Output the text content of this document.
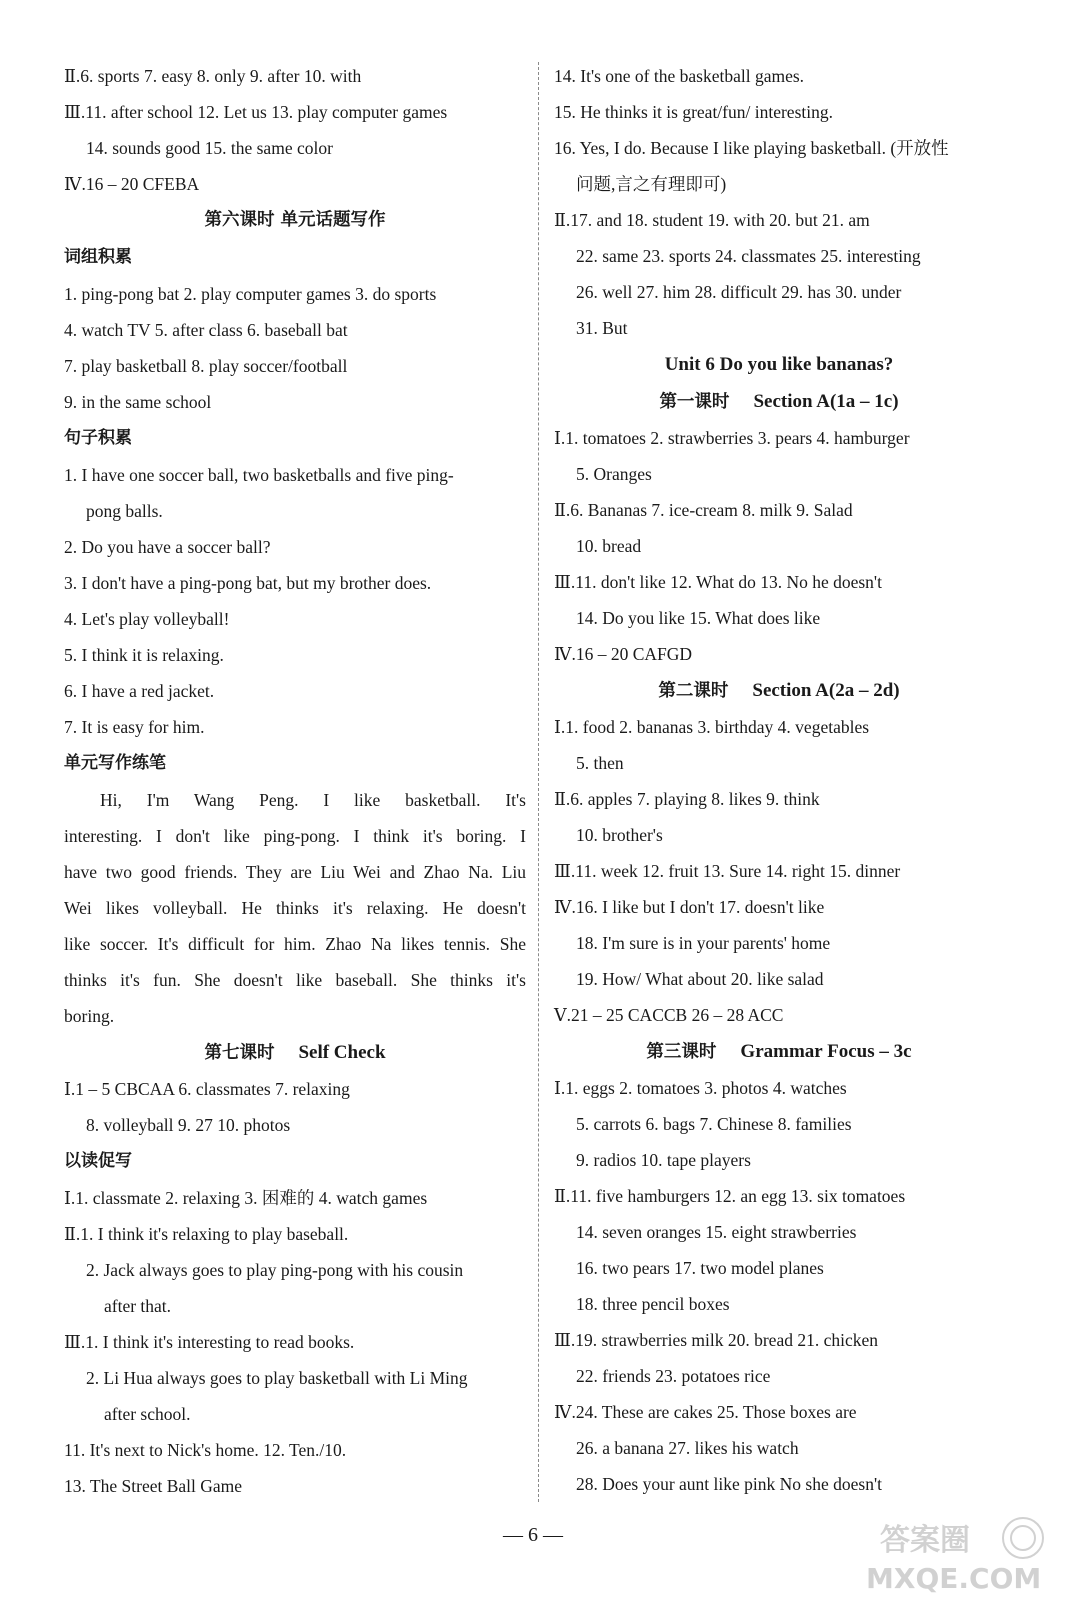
Ⅱ.6. sports 7. easy 8. only 9. after 10. with
Ⅲ.11. after school 12. Let us 13. play computer games
14. sounds good 15. the same color
Ⅳ.16 – 20 CFEBA
第六课时 单元话题写作
词组积累
1. ping-pong bat 2. play computer games 3. do sports
4. watch TV 5. after class 6. baseball bat
7. play basketball 8. play soccer/football
9. in the same school
句子积累
1. I have one soccer ball, two basketballs and five ping-
pong balls.
2. Do you have a soccer ball?
3. I don't have a ping-pong bat, but my brother does.
4. Let's play volleyball!
5. I think it is relaxing.
6. I have a red jacket.
7. It is easy for him.
单元写作练笔
Hi, I'm Wang Peng. I like basketball. It's
interesting. I don't like ping-pong. I think it's boring. I
have two good friends. They are Liu Wei and Zhao Na. Liu
Wei likes volleyball. He thinks it's relaxing. He doesn't
like soccer. It's difficult for him. Zhao Na likes tennis. She
thinks it's fun. She doesn't like baseball. She thinks it's
boring.
第七课时 Self Check
Ⅰ.1 – 5 CBCAA 6. classmates 7. relaxing
8. volleyball 9. 27 10. photos
以读促写
Ⅰ.1. classmate 2. relaxing 3. 困难的 4. watch games
Ⅱ.1. I think it's relaxing to play baseball.
2. Jack always goes to play ping-pong with his cousin
after that.
Ⅲ.1. I think it's interesting to read books.
2. Li Hua always goes to play basketball with Li Ming
after school.
11. It's next to Nick's home. 12. Ten./10.
13. The Street Ball Game
14. It's one of the basketball games.
15. He thinks it is great/fun/ interesting.
16. Yes, I do. Because I like playing basketball. (开放性
问题,言之有理即可)
Ⅱ.17. and 18. student 19. with 20. but 21. am
22. same 23. sports 24. classmates 25. interesting
26. well 27. him 28. difficult 29. has 30. under
31. But
Unit 6 Do you like bananas?
第一课时 Section A(1a – 1c)
Ⅰ.1. tomatoes 2. strawberries 3. pears 4. hamburger
5. Oranges
Ⅱ.6. Bananas 7. ice-cream 8. milk 9. Salad
10. bread
Ⅲ.11. don't like 12. What do 13. No he doesn't
14. Do you like 15. What does like
Ⅳ.16 – 20 CAFGD
第二课时 Section A(2a – 2d)
Ⅰ.1. food 2. bananas 3. birthday 4. vegetables
5. then
Ⅱ.6. apples 7. playing 8. likes 9. think
10. brother's
Ⅲ.11. week 12. fruit 13. Sure 14. right 15. dinner
Ⅳ.16. I like but I don't 17. doesn't like
18. I'm sure is in your parents' home
19. How/ What about 20. like salad
Ⅴ.21 – 25 CACCB 26 – 28 ACC
第三课时 Grammar Focus – 3c
Ⅰ.1. eggs 2. tomatoes 3. photos 4. watches
5. carrots 6. bags 7. Chinese 8. families
9. radios 10. tape players
Ⅱ.11. five hamburgers 12. an egg 13. six tomatoes
14. seven oranges 15. eight strawberries
16. two pears 17. two model planes
18. three pencil boxes
Ⅲ.19. strawberries milk 20. bread 21. chicken
22. friends 23. potatoes rice
Ⅳ.24. These are cakes 25. Those boxes are
26. a banana 27. likes his watch
28. Does your aunt like pink No she doesn't
— 6 —	答案圈
MXQE.COM
